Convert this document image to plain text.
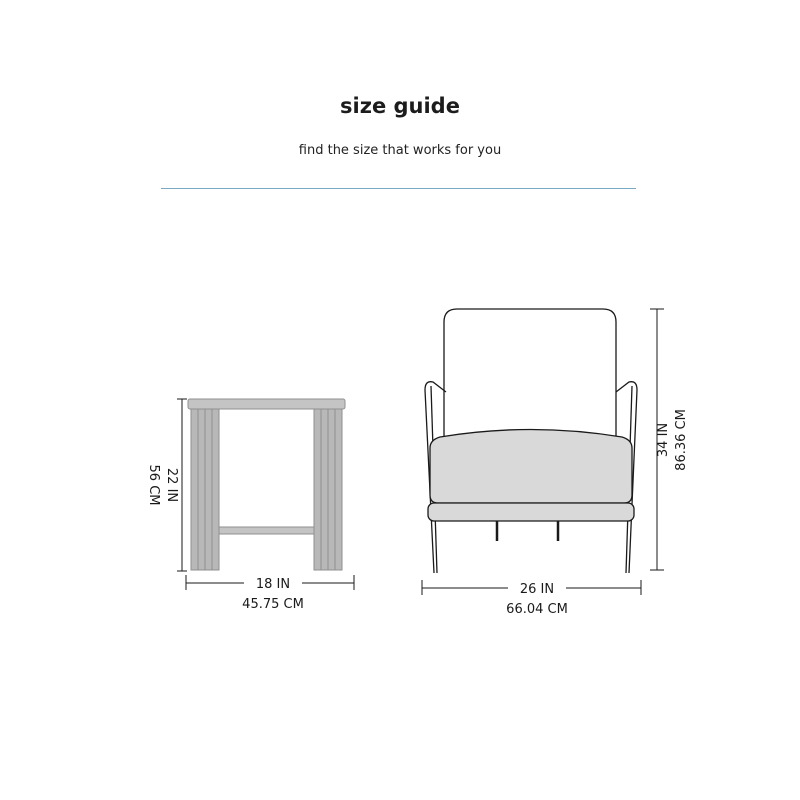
size guide
find the size that works for you
22 IN
56 CM
18 IN
45.75 CM
34 IN 86.36 CM
26 IN
66.04 CM
